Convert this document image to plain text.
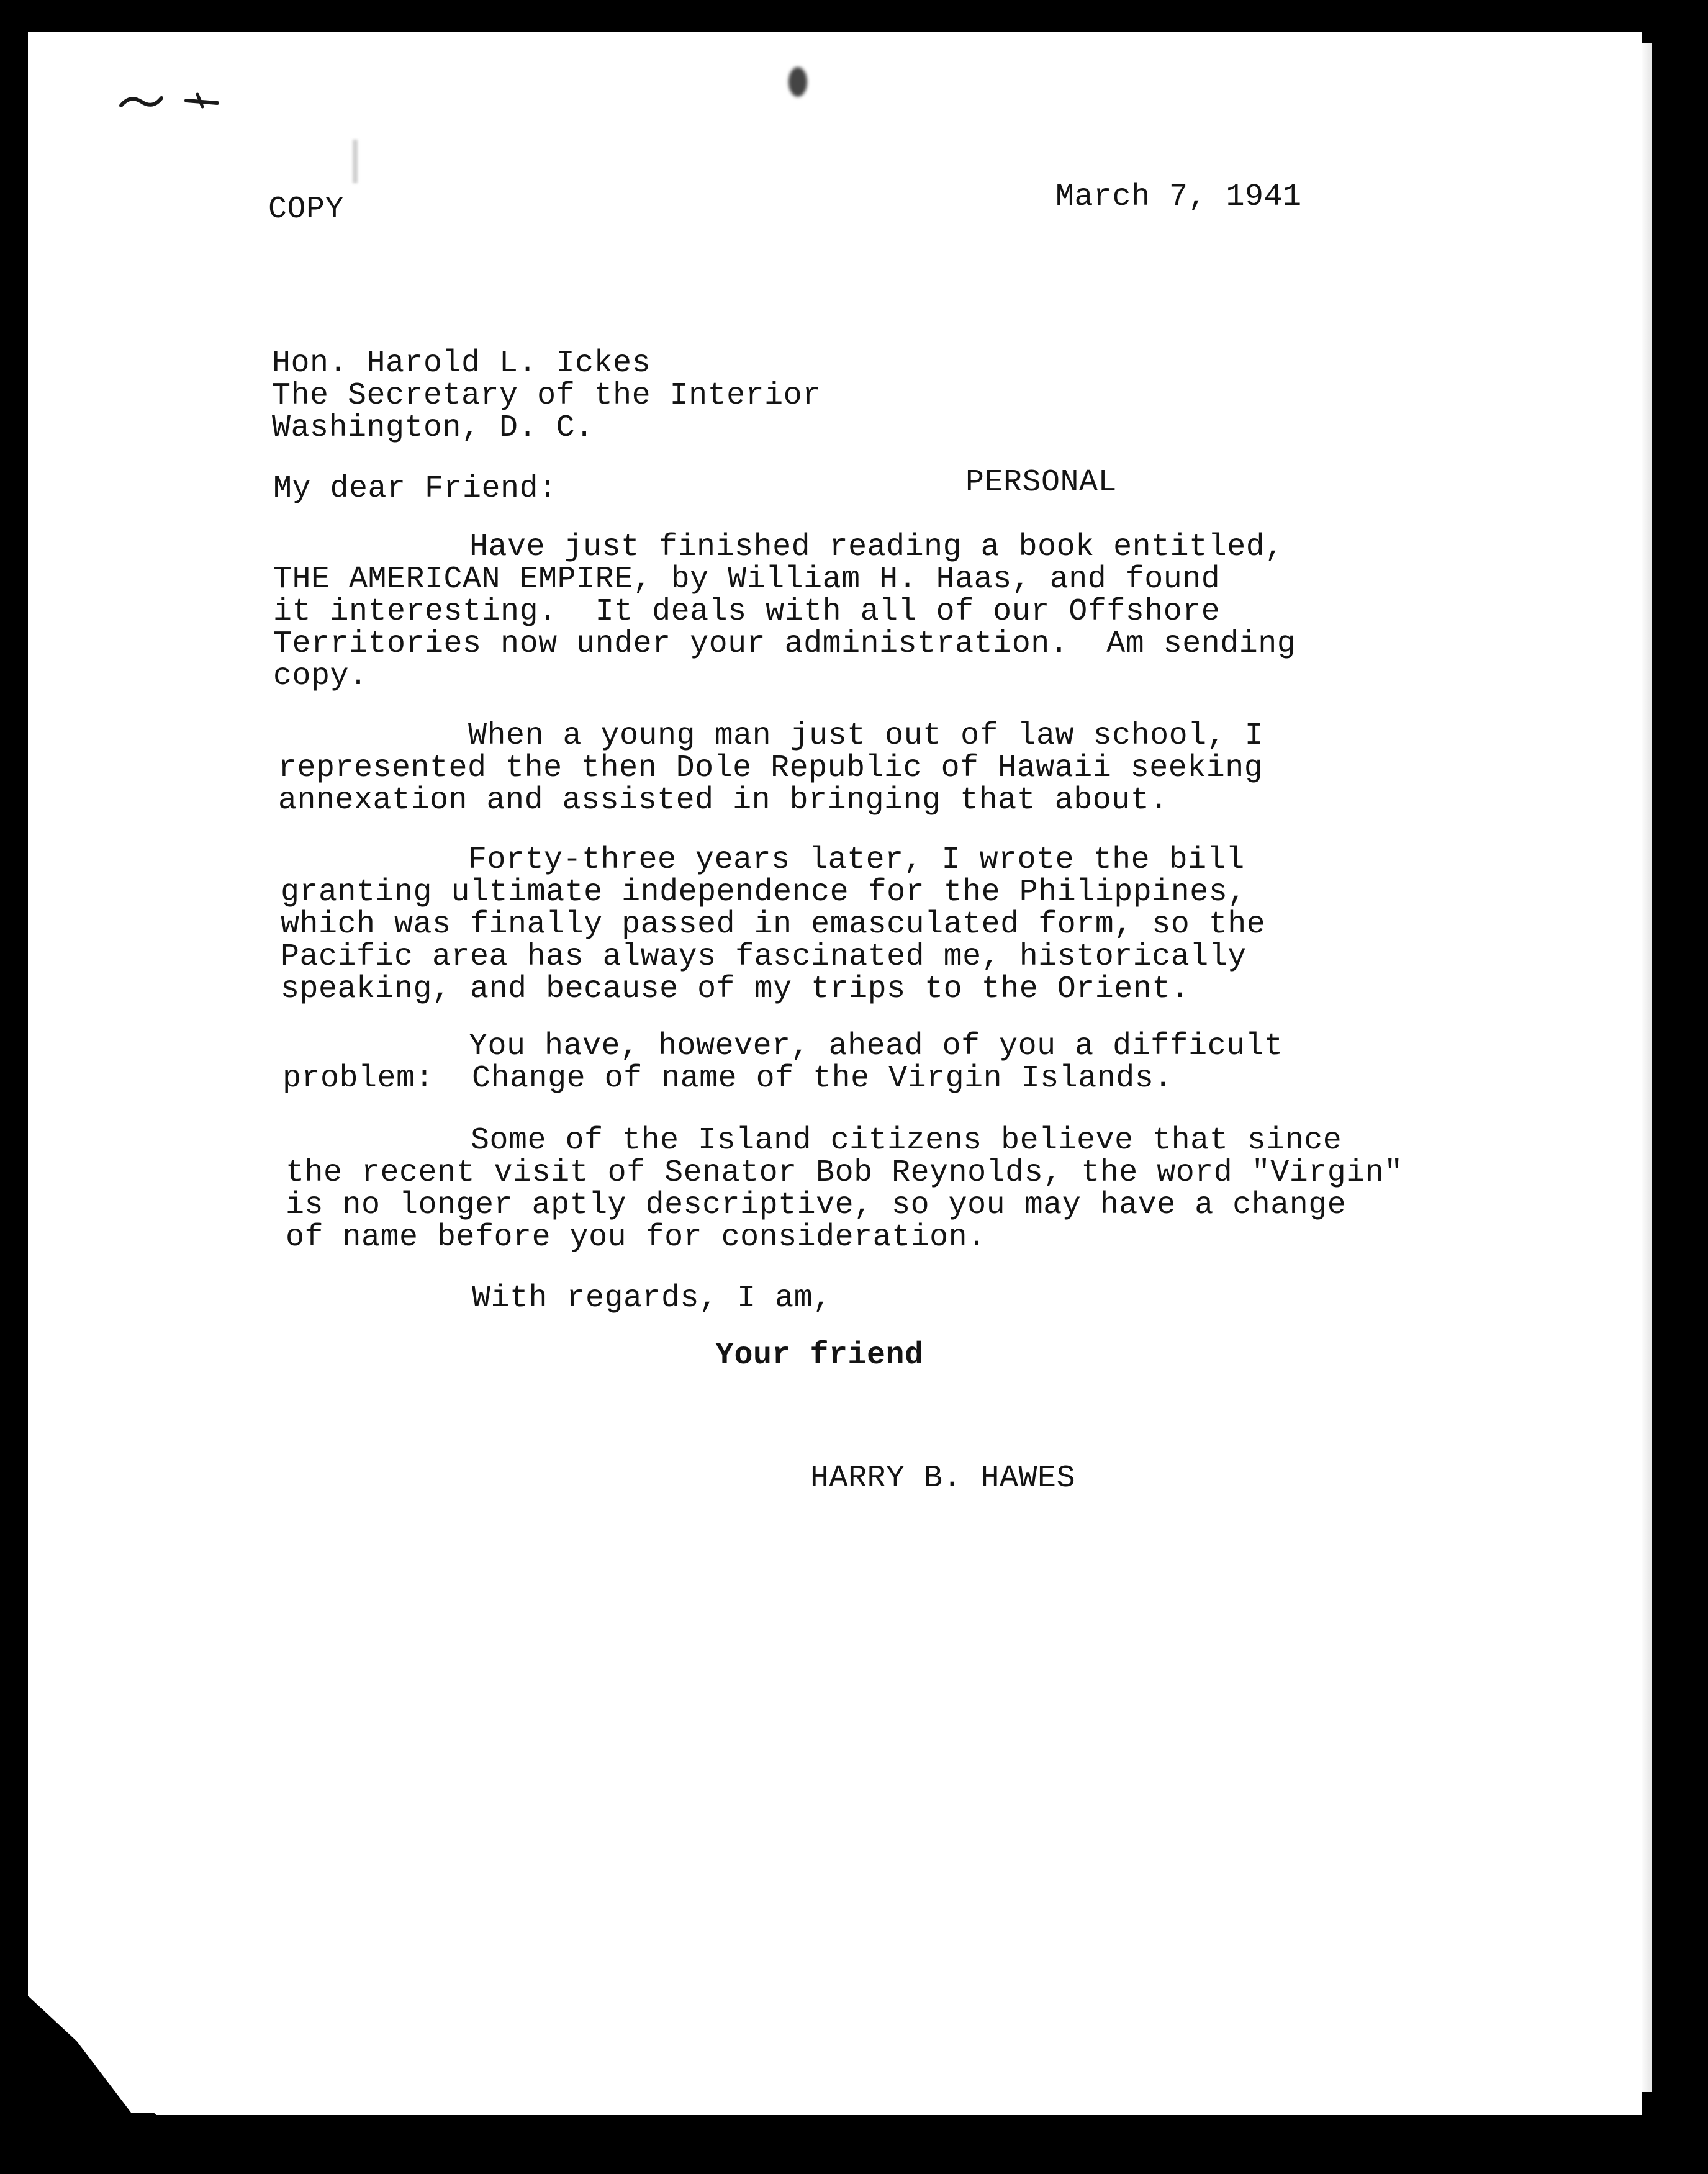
COPY	March 7, 1941

Hon. Harold L. Ickes

The Secretary of the Interior

Washington, D. C.

My dear Friend:	PERSONAL

Have just finished reading a book entitled,
THE AMERICAN EMPIRE, by William H. Haas, and found
it interesting.  It deals with all of our Offshore
Territories now under your administration.  Am sending
copy.
When a young man just out of law school, I
represented the then Dole Republic of Hawaii seeking
annexation and assisted in bringing that about.
Forty-three years later, I wrote the bill
granting ultimate independence for the Philippines,
which was finally passed in emasculated form, so the
Pacific area has always fascinated me, historically
speaking, and because of my trips to the Orient.
You have, however, ahead of you a difficult
problem:  Change of name of the Virgin Islands.
Some of the Island citizens believe that since
the recent visit of Senator Bob Reynolds, the word "Virgin"
is no longer aptly descriptive, so you may have a change
of name before you for consideration.

With regards, I am,

Your friend

HARRY B. HAWES
